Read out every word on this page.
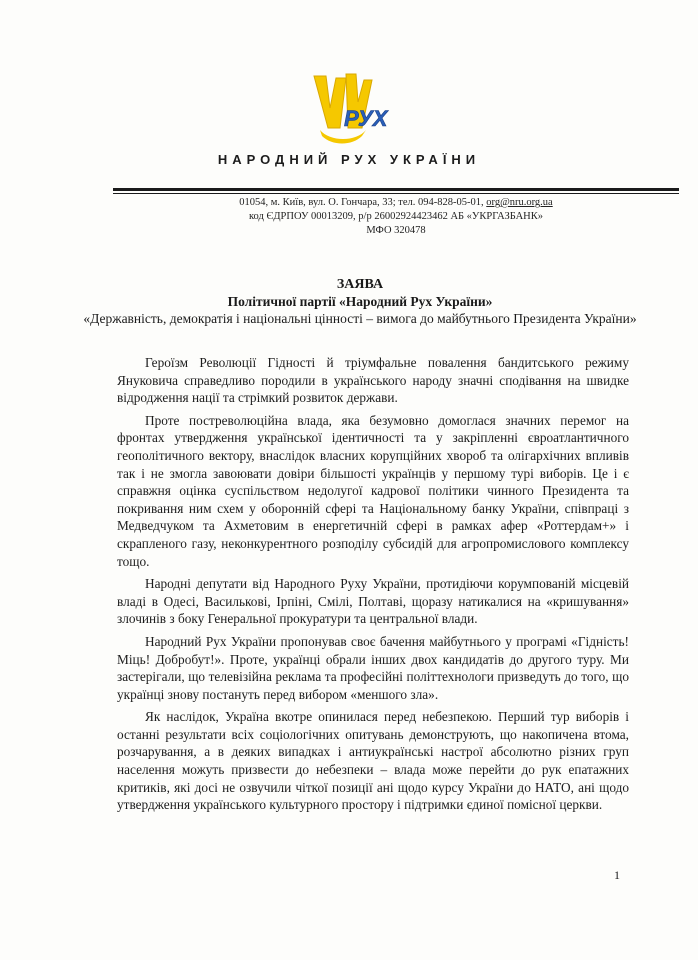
РУХ
НАРОДНИЙ РУХ УКРАЇНИ
01054, м. Київ, вул. О. Гончара, 33; тел. 094-828-05-01, org@nru.org.ua
код ЄДРПОУ 00013209, р/р 26002924423462 АБ «УКРГАЗБАНК»
МФО 320478
ЗАЯВА
Політичної партії «Народний Рух України»
«Державність, демократія і національні цінності – вимога до майбутнього Президента України»

Героїзм Революції Гідності й тріумфальне повалення бандитського режиму Януковича справедливо породили в українського народу значні сподівання на швидке відродження нації та стрімкий розвиток держави.

Проте постреволюційна влада, яка безумовно домоглася значних перемог на фронтах утвердження української ідентичності та у закріпленні євроатлантичного геополітичного вектору, внаслідок власних корупційних хвороб та олігархічних впливів так і не змогла завоювати довіри більшості українців у першому турі виборів. Це і є справжня оцінка суспільством недолугої кадрової політики чинного Президента та покривання ним схем у оборонній сфері та Національному банку України, співпраці з Медведчуком та Ахметовим в енергетичній сфері в рамках афер «Роттердам+» і скрапленого газу, неконкурентного розподілу субсидій для агропромислового комплексу тощо.

Народні депутати від Народного Руху України, протидіючи корумпованій місцевій владі в Одесі, Василькові, Ірпіні, Смілі, Полтаві, щоразу натикалися на «кришування» злочинів з боку Генеральної прокуратури та центральної влади.

Народний Рух України пропонував своє бачення майбутнього у програмі «Гідність! Міць! Добробут!». Проте, українці обрали інших двох кандидатів до другого туру. Ми застерігали, що телевізійна реклама та професійні політтехнологи призведуть до того, що українці знову постануть перед вибором «меншого зла».

Як наслідок, Україна вкотре опинилася перед небезпекою. Перший тур виборів і останні результати всіх соціологічних опитувань демонструють, що накопичена втома, розчарування, а в деяких випадках і антиукраїнські настрої абсолютно різних груп населення можуть призвести до небезпеки – влада може перейти до рук епатажних критиків, які досі не озвучили чіткої позиції ані щодо курсу України до НАТО, ані щодо утвердження українського культурного простору і підтримки єдиної помісної церкви.

1
